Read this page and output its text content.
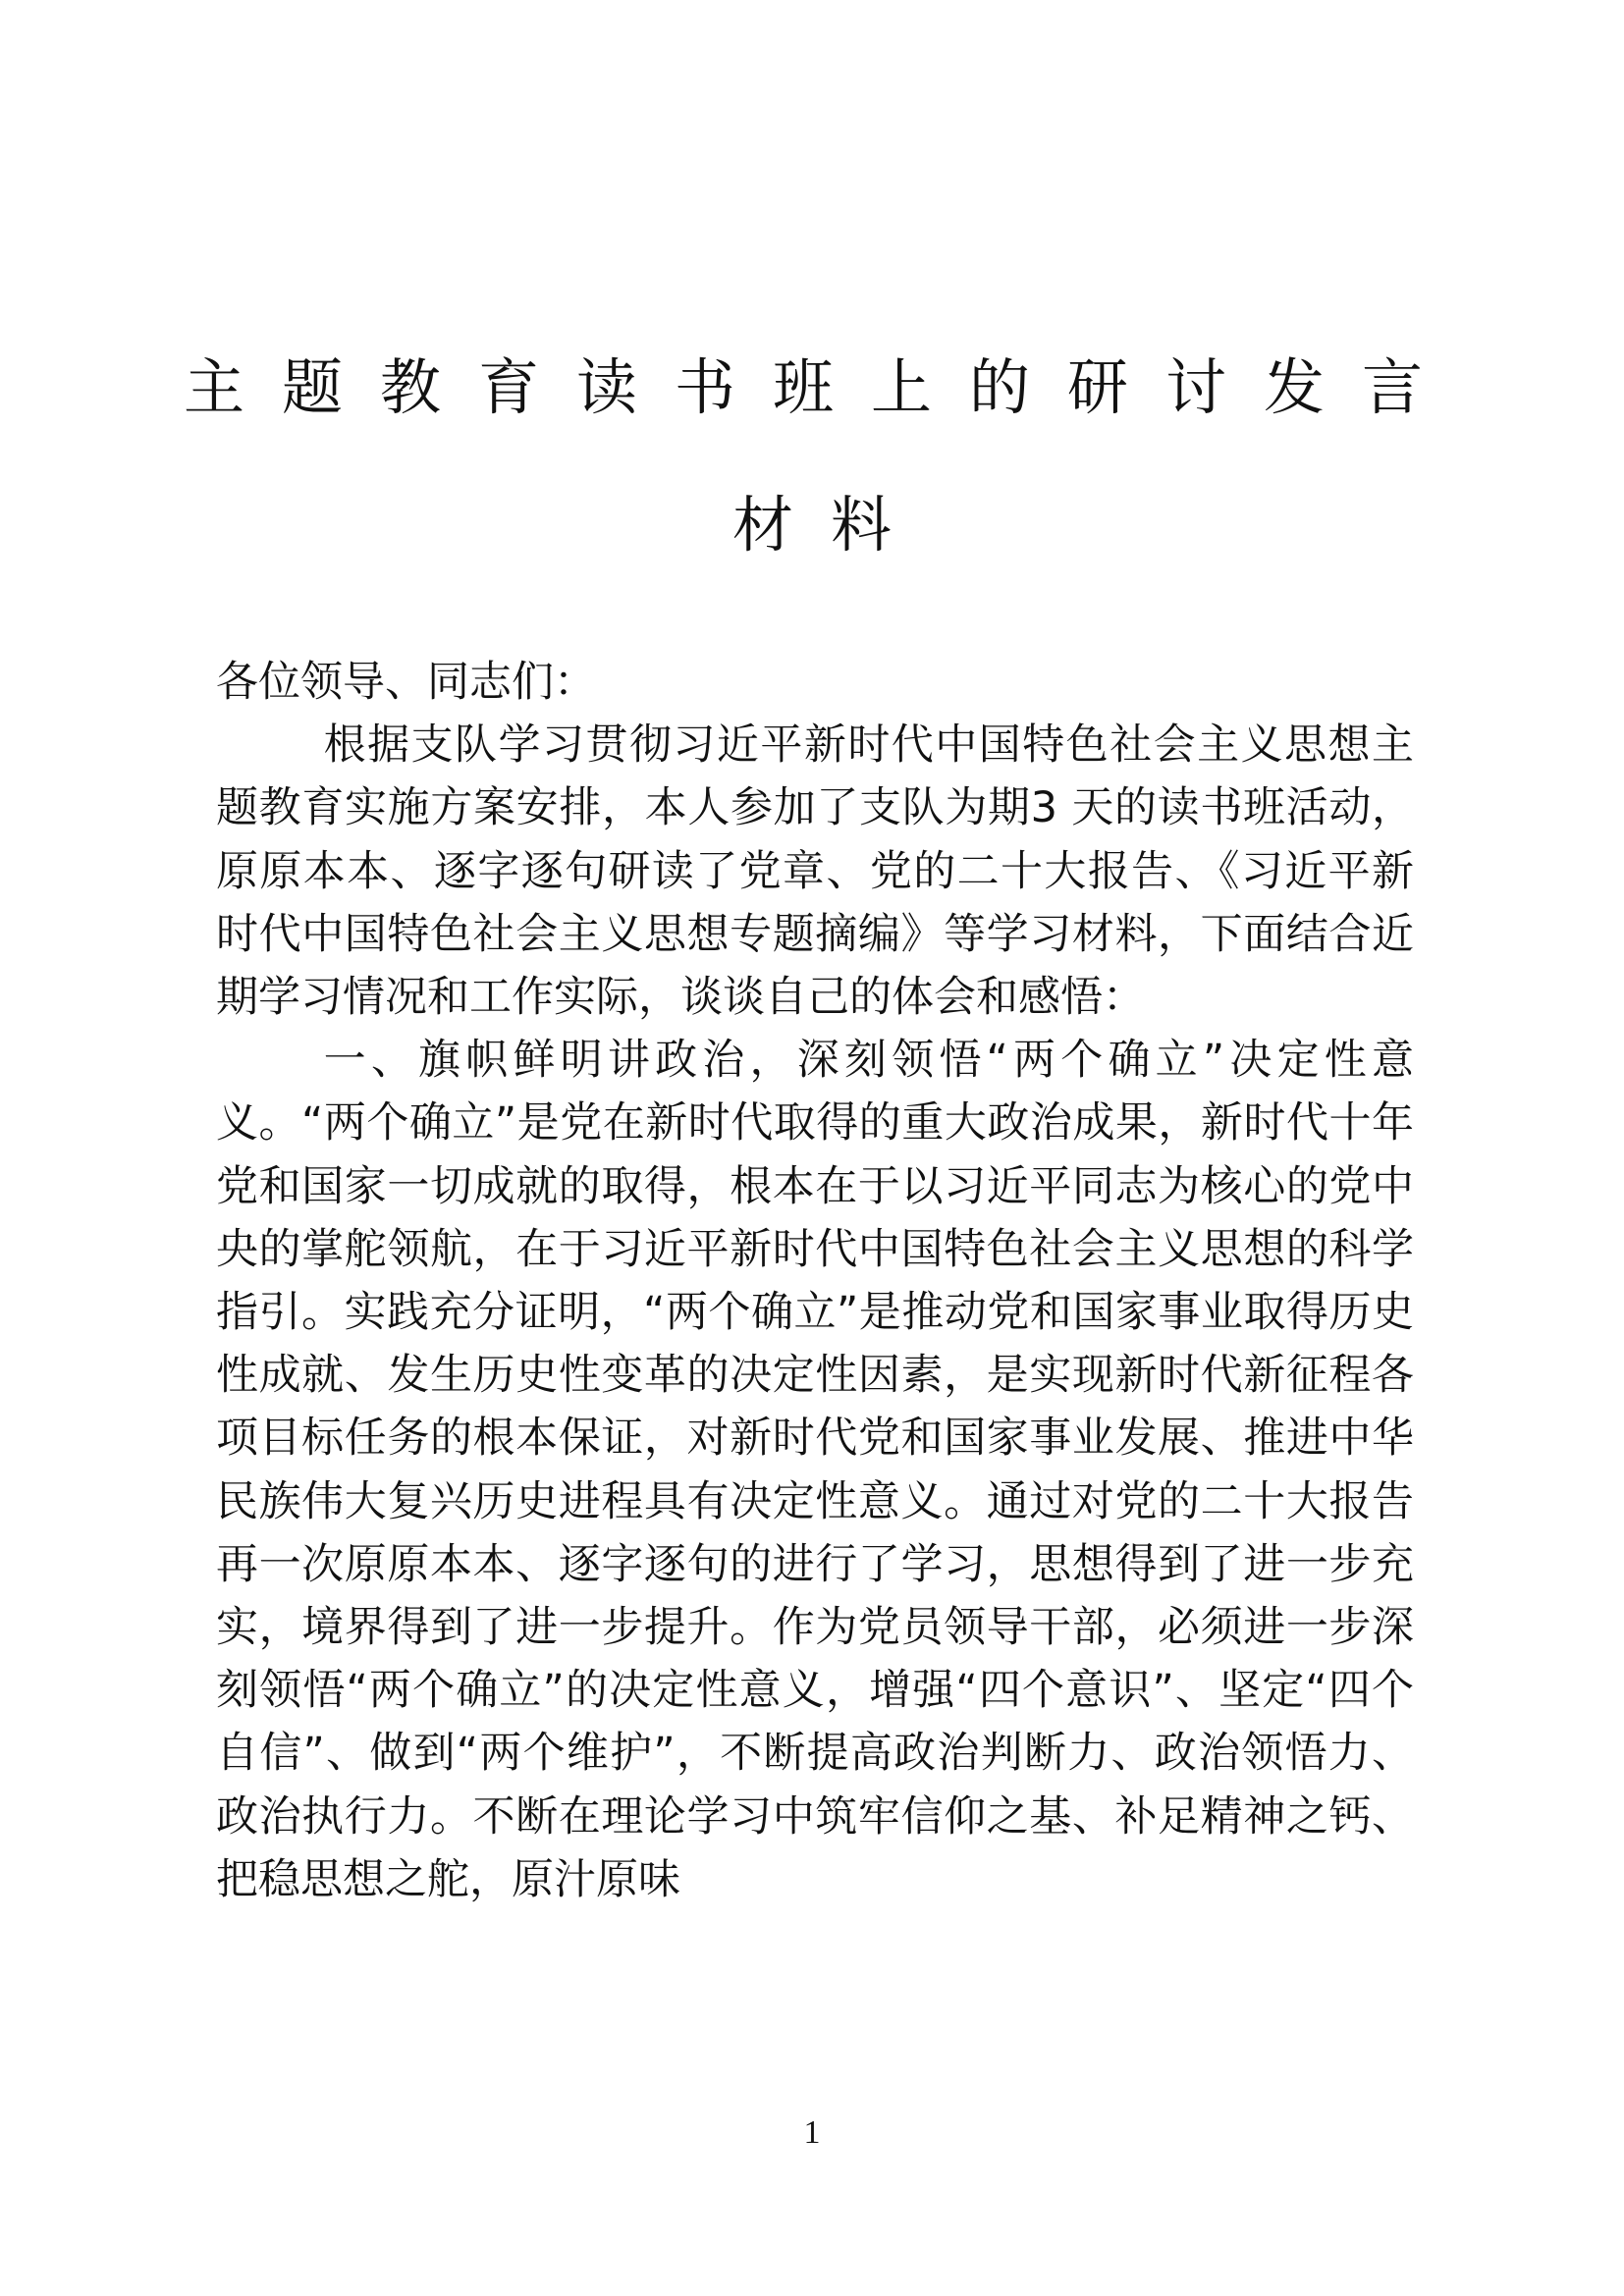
主题教育读书班上的研讨发言
材料

各位领导、同志们：

根据支队学习贯彻习近平新时代中国特色社会主义思想主题教育实施方案安排，本人参加了支队为期3 天的读书班活动，原原本本、逐字逐句研读了党章、党的二十大报告、《习近平新时代中国特色社会主义思想专题摘编》等学习材料，下面结合近期学习情况和工作实际，谈谈自己的体会和感悟：

一、旗帜鲜明讲政治，深刻领悟“两个确立”决定性意义。“两个确立”是党在新时代取得的重大政治成果，新时代十年党和国家一切成就的取得，根本在于以习近平同志为核心的党中央的掌舵领航，在于习近平新时代中国特色社会主义思想的科学指引。实践充分证明，“两个确立”是推动党和国家事业取得历史性成就、发生历史性变革的决定性因素，是实现新时代新征程各项目标任务的根本保证，对新时代党和国家事业发展、推进中华民族伟大复兴历史进程具有决定性意义。通过对党的二十大报告再一次原原本本、逐字逐句的进行了学习，思想得到了进一步充实，境界得到了进一步提升。作为党员领导干部，必须进一步深刻领悟“两个确立”的决定性意义，增强“四个意识”、坚定“四个自信”、做到“两个维护”，不断提高政治判断力、政治领悟力、政治执行力。不断在理论学习中筑牢信仰之基、补足精神之钙、把稳思想之舵，原汁原味

1
